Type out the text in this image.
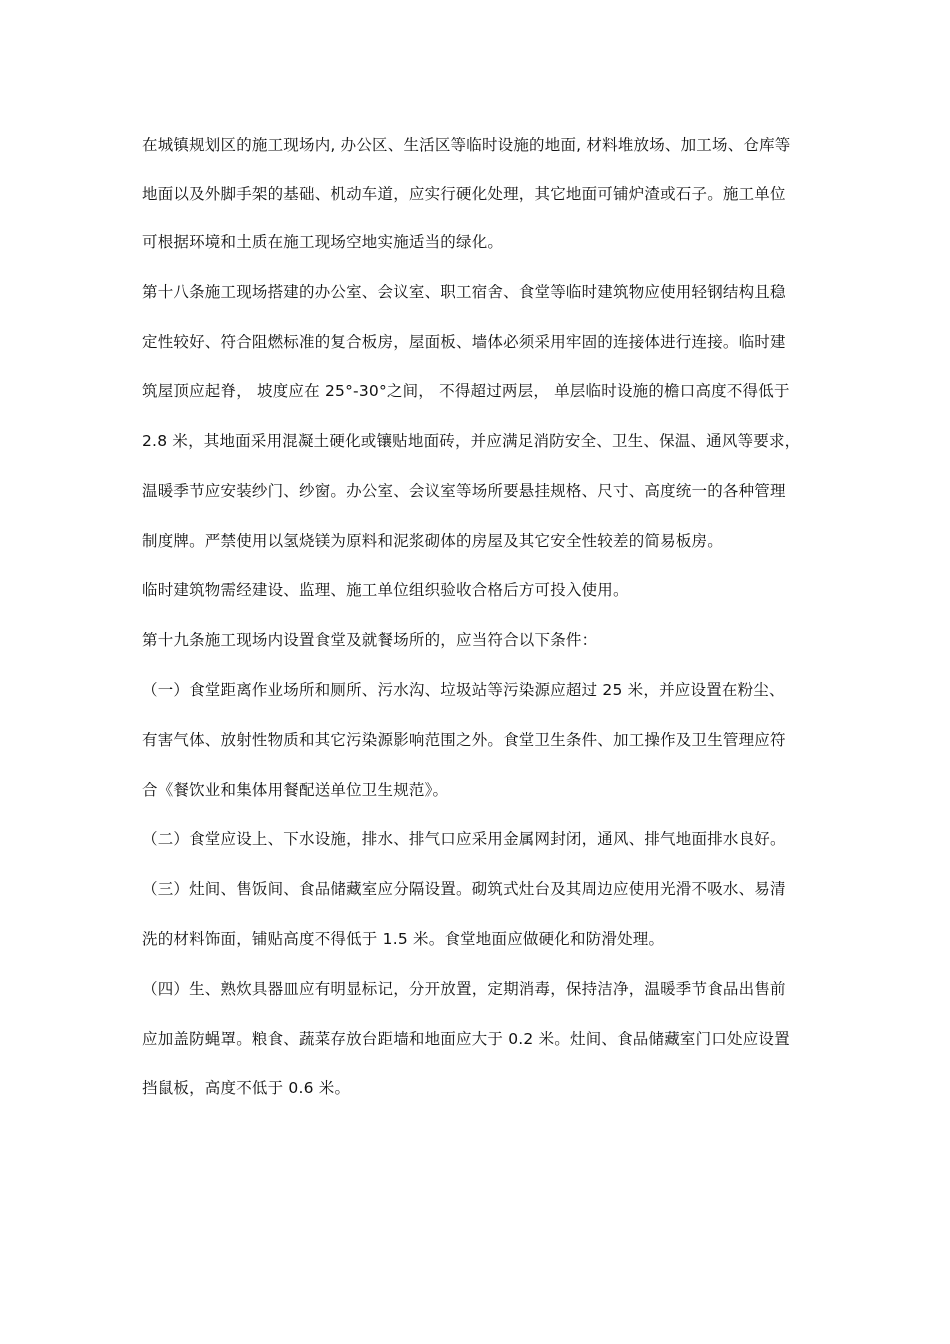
在城镇规划区的施工现场内, 办公区、生活区等临时设施的地面, 材料堆放场、加工场、仓库等
地面以及外脚手架的基础、机动车道，应实行硬化处理，其它地面可铺炉渣或石子。施工单位
可根据环境和土质在施工现场空地实施适当的绿化。
第十八条施工现场搭建的办公室、会议室、职工宿舍、食堂等临时建筑物应使用轻钢结构且稳
定性较好、符合阻燃标准的复合板房，屋面板、墙体必须采用牢固的连接体进行连接。临时建
筑屋顶应起脊， 坡度应在 25°-30°之间， 不得超过两层， 单层临时设施的檐口高度不得低于
2.8 米，其地面采用混凝土硬化或镶贴地面砖，并应满足消防安全、卫生、保温、通风等要求，
温暖季节应安装纱门、纱窗。办公室、会议室等场所要悬挂规格、尺寸、高度统一的各种管理
制度牌。严禁使用以氢烧镁为原料和泥浆砌体的房屋及其它安全性较差的简易板房。
临时建筑物需经建设、监理、施工单位组织验收合格后方可投入使用。
第十九条施工现场内设置食堂及就餐场所的，应当符合以下条件：
（一）食堂距离作业场所和厕所、污水沟、垃圾站等污染源应超过 25 米，并应设置在粉尘、
有害气体、放射性物质和其它污染源影响范围之外。食堂卫生条件、加工操作及卫生管理应符
合《餐饮业和集体用餐配送单位卫生规范》。
（二）食堂应设上、下水设施，排水、排气口应采用金属网封闭，通风、排气地面排水良好。
（三）灶间、售饭间、食品储藏室应分隔设置。砌筑式灶台及其周边应使用光滑不吸水、易清
洗的材料饰面，铺贴高度不得低于 1.5 米。食堂地面应做硬化和防滑处理。
（四）生、熟炊具器皿应有明显标记，分开放置，定期消毒，保持洁净，温暖季节食品出售前
应加盖防蝇罩。粮食、蔬菜存放台距墙和地面应大于 0.2 米。灶间、食品储藏室门口处应设置
挡鼠板，高度不低于 0.6 米。
